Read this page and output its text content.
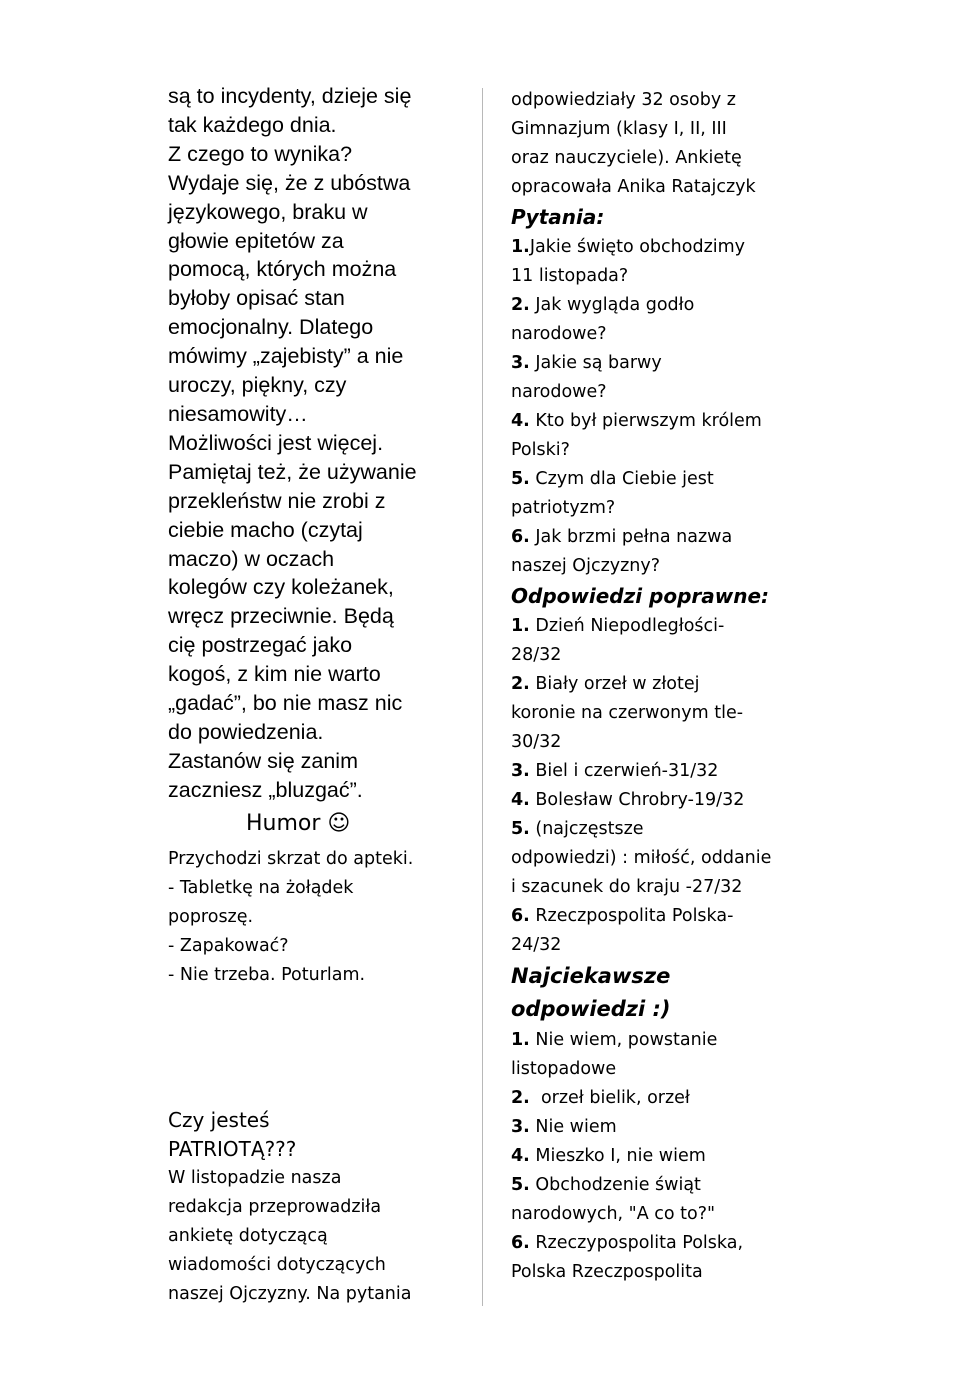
są to incydenty, dzieje się

tak każdego dnia.

Z czego to wynika?

Wydaje się, że z ubóstwa

językowego, braku w

głowie epitetów za

pomocą, których można

byłoby opisać stan

emocjonalny. Dlatego

mówimy „zajebisty” a nie

uroczy, piękny, czy

niesamowity…

Możliwości jest więcej.

Pamiętaj też, że używanie

przekleństw nie zrobi z

ciebie macho (czytaj

maczo) w oczach

kolegów czy koleżanek,

wręcz przeciwnie. Będą

cię postrzegać jako

kogoś, z kim nie warto

„gadać”, bo nie masz nic

do powiedzenia.

Zastanów się zanim

zaczniesz „bluzgać”.

Humor ☺

Przychodzi skrzat do apteki.

- Tabletkę na żołądek

poproszę.

- Zapakować?

- Nie trzeba. Poturlam.

Czy jesteś

PATRIOTĄ???

W listopadzie nasza

redakcja przeprowadziła

ankietę dotyczącą

wiadomości dotyczących

naszej Ojczyzny. Na pytania

odpowiedziały 32 osoby z

Gimnazjum (klasy I, II, III

oraz nauczyciele). Ankietę

opracowała Anika Ratajczyk

Pytania:

1.Jakie święto obchodzimy

11 listopada?

2. Jak wygląda godło

narodowe?

3. Jakie są barwy

narodowe?

4. Kto był pierwszym królem

Polski?

5. Czym dla Ciebie jest

patriotyzm?

6. Jak brzmi pełna nazwa

naszej Ojczyzny?

Odpowiedzi poprawne:

1. Dzień Niepodległości-

28/32

2. Biały orzeł w złotej

koronie na czerwonym tle-

30/32

3. Biel i czerwień-31/32

4. Bolesław Chrobry-19/32

5. (najczęstsze

odpowiedzi) : miłość, oddanie

i szacunek do kraju -27/32

6. Rzeczpospolita Polska-

24/32

Najciekawsze

odpowiedzi :)

1. Nie wiem, powstanie

listopadowe

2.  orzeł bielik, orzeł

3. Nie wiem

4. Mieszko I, nie wiem

5. Obchodzenie świąt

narodowych, "A co to?"

6. Rzeczypospolita Polska,

Polska Rzeczpospolita
